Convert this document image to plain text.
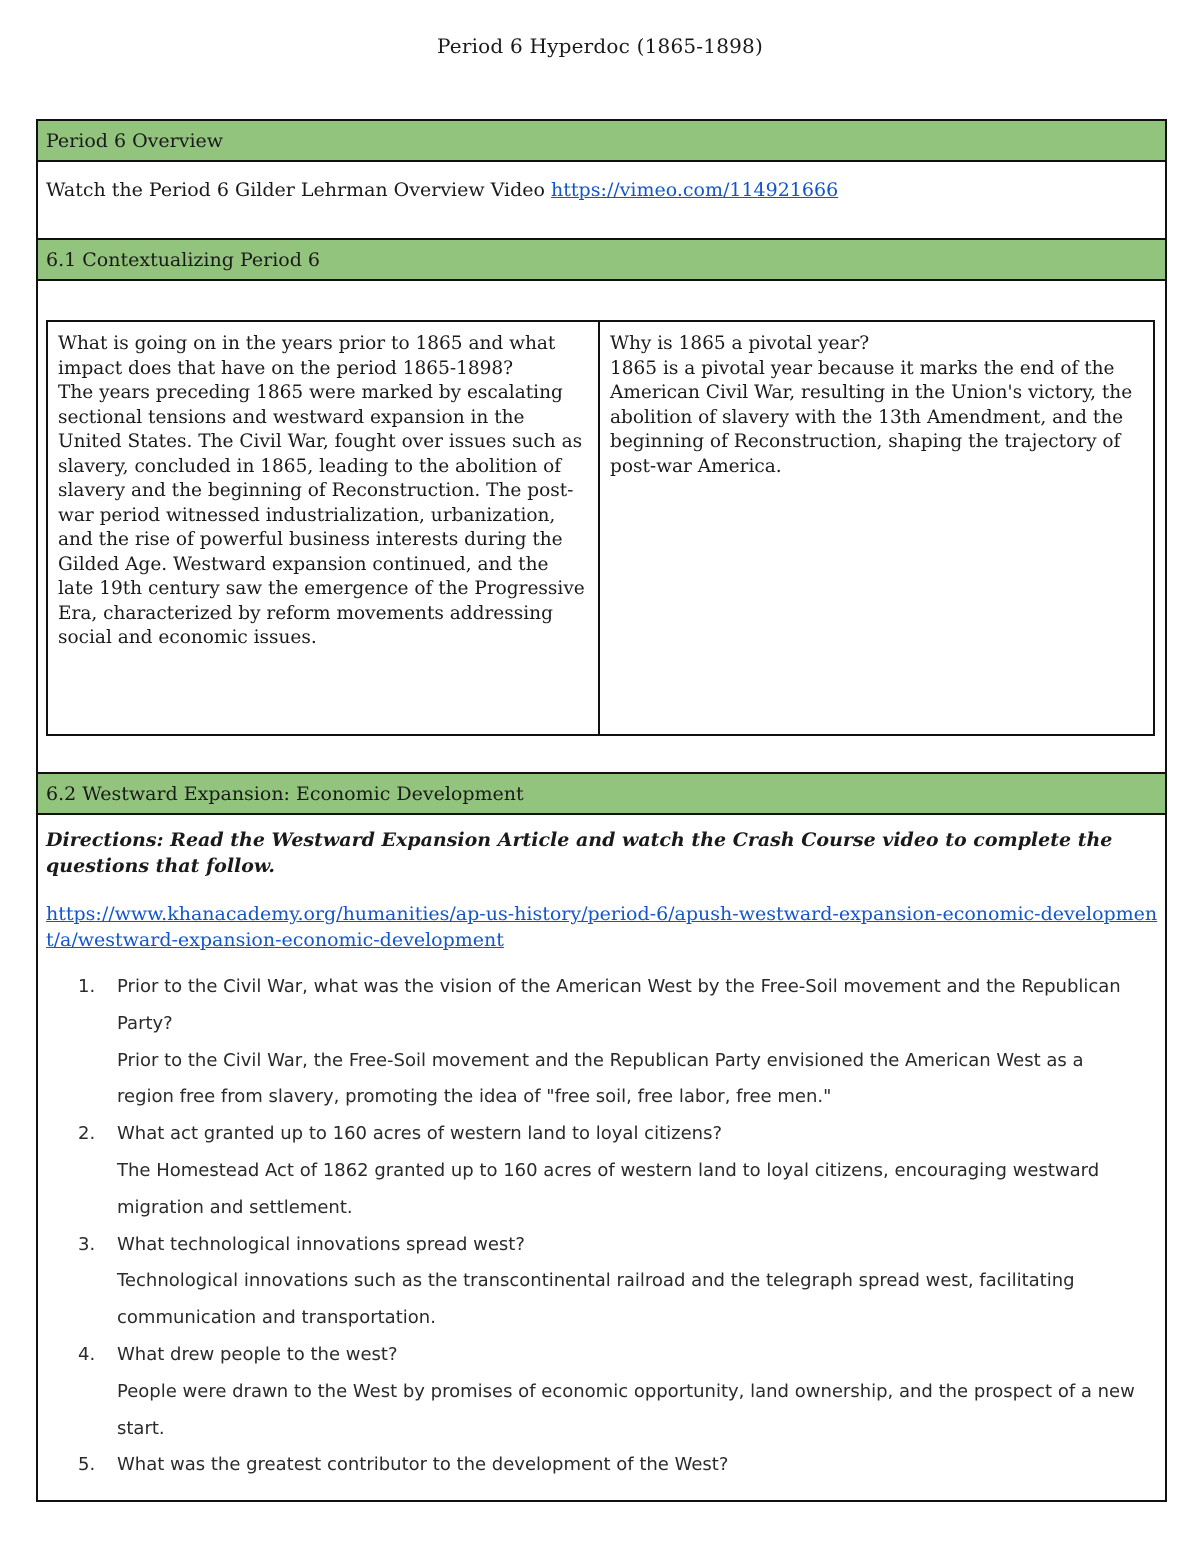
Period 6 Hyperdoc (1865-1898)
Period 6 Overview
Watch the Period 6 Gilder Lehrman Overview Video https://vimeo.com/114921666
6.1 Contextualizing Period 6

What is going on in the years prior to 1865 and what impact does that have on the period 1865-1898?

The years preceding 1865 were marked by escalating sectional tensions and westward expansion in the United States. The Civil War, fought over issues such as slavery, concluded in 1865, leading to the abolition of slavery and the beginning of Reconstruction. The post-war period witnessed industrialization, urbanization, and the rise of powerful business interests during the Gilded Age. Westward expansion continued, and the late 19th century saw the emergence of the Progressive Era, characterized by reform movements addressing social and economic issues.

Why is 1865 a pivotal year?

1865 is a pivotal year because it marks the end of the American Civil War, resulting in the Union's victory, the abolition of slavery with the 13th Amendment, and the beginning of Reconstruction, shaping the trajectory of post-war America.

6.2 Westward Expansion: Economic Development
Directions: Read the Westward Expansion Article and watch the Crash Course video to complete the questions that follow.
https://www.khanacademy.org/humanities/ap-us-history/period-6/apush-westward-expansion-economic-development/a/westward-expansion-economic-development
1. Prior to the Civil War, what was the vision of the American West by the Free-Soil movement and the Republican Party?
Prior to the Civil War, the Free-Soil movement and the Republican Party envisioned the American West as a region free from slavery, promoting the idea of "free soil, free labor, free men."
2. What act granted up to 160 acres of western land to loyal citizens?
The Homestead Act of 1862 granted up to 160 acres of western land to loyal citizens, encouraging westward migration and settlement.
3. What technological innovations spread west?
Technological innovations such as the transcontinental railroad and the telegraph spread west, facilitating communication and transportation.
4. What drew people to the west?
People were drawn to the West by promises of economic opportunity, land ownership, and the prospect of a new start.
5. What was the greatest contributor to the development of the West?
